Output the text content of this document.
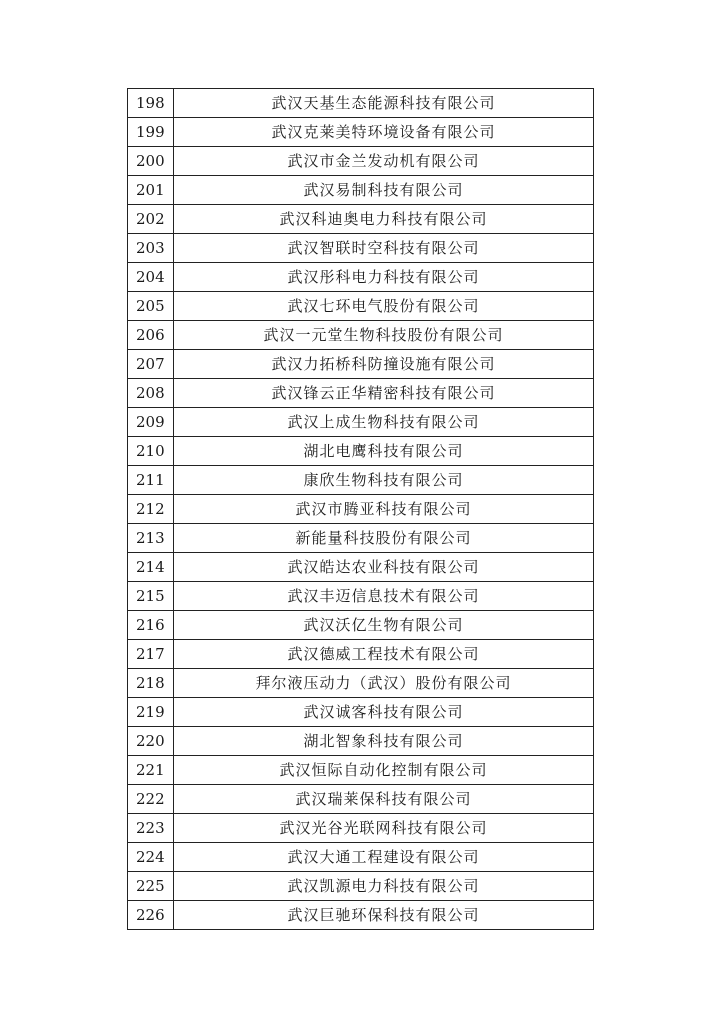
198	武汉天基生态能源科技有限公司
199	武汉克莱美特环境设备有限公司
200	武汉市金兰发动机有限公司
201	武汉易制科技有限公司
202	武汉科迪奥电力科技有限公司
203	武汉智联时空科技有限公司
204	武汉彤科电力科技有限公司
205	武汉七环电气股份有限公司
206	武汉一元堂生物科技股份有限公司
207	武汉力拓桥科防撞设施有限公司
208	武汉锋云正华精密科技有限公司
209	武汉上成生物科技有限公司
210	湖北电鹰科技有限公司
211	康欣生物科技有限公司
212	武汉市腾亚科技有限公司
213	新能量科技股份有限公司
214	武汉皓达农业科技有限公司
215	武汉丰迈信息技术有限公司
216	武汉沃亿生物有限公司
217	武汉德威工程技术有限公司
218	拜尔液压动力（武汉）股份有限公司
219	武汉诚客科技有限公司
220	湖北智象科技有限公司
221	武汉恒际自动化控制有限公司
222	武汉瑞莱保科技有限公司
223	武汉光谷光联网科技有限公司
224	武汉大通工程建设有限公司
225	武汉凯源电力科技有限公司
226	武汉巨驰环保科技有限公司
